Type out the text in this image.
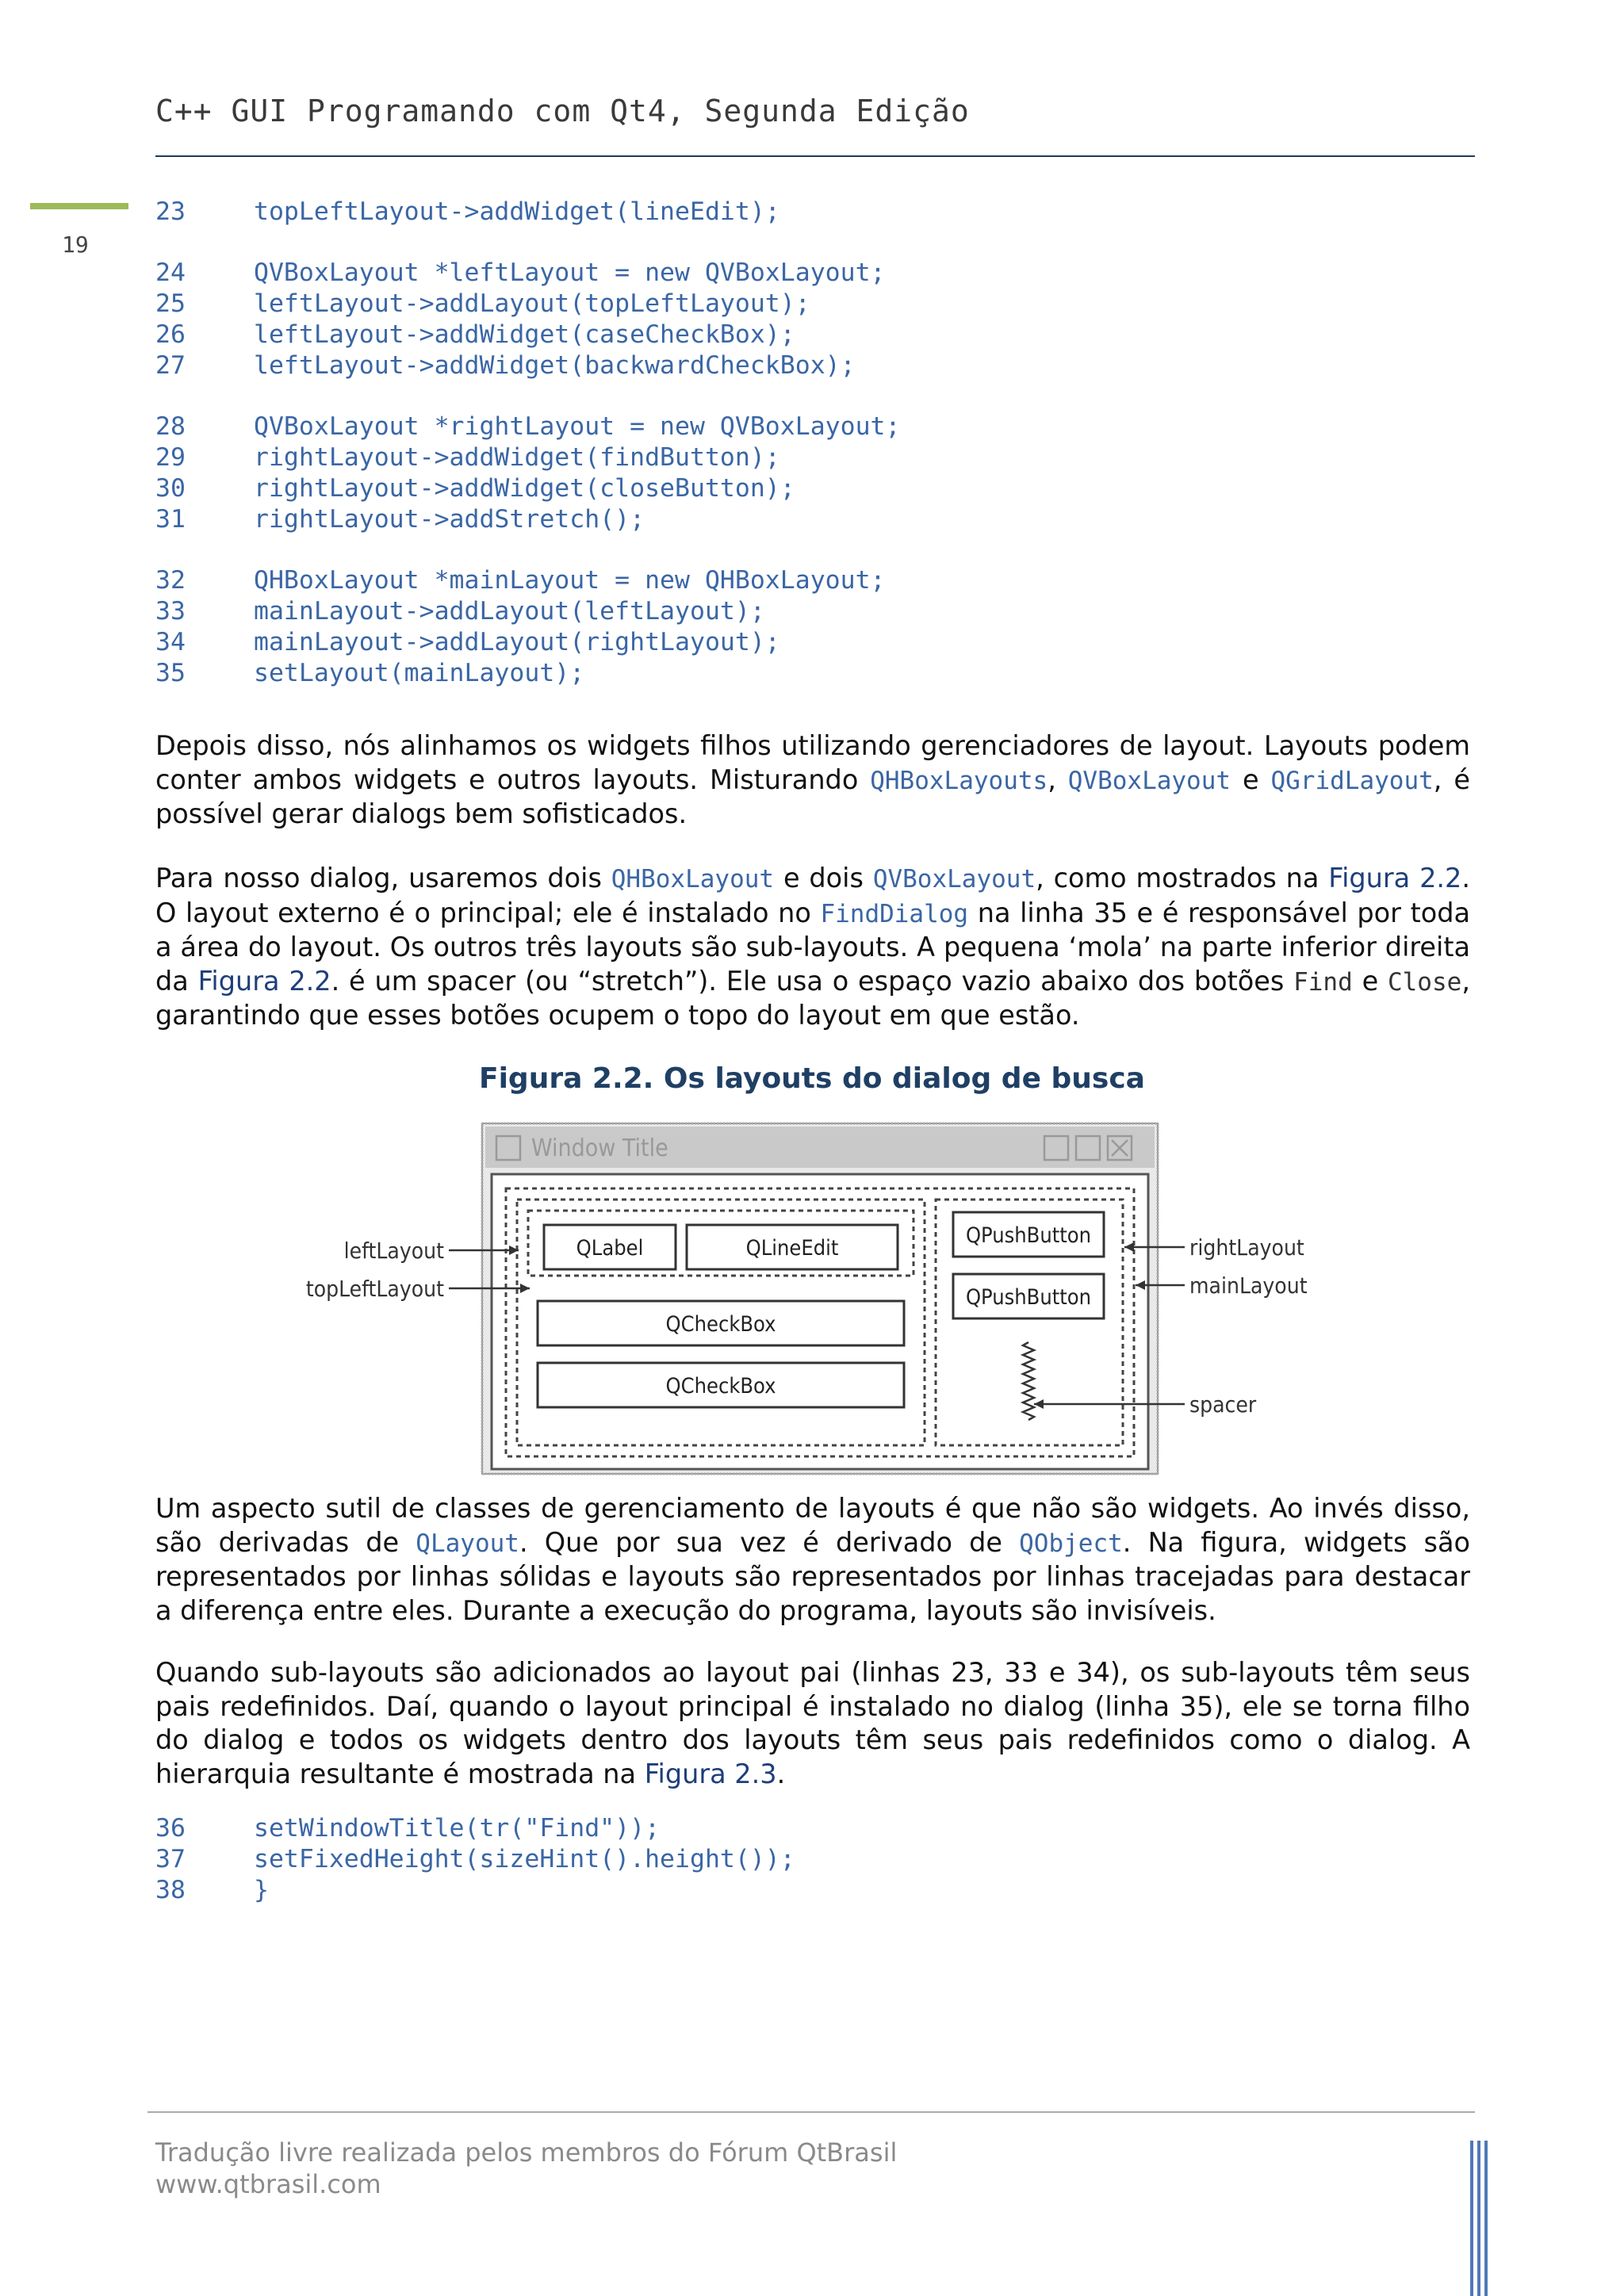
C++ GUI Programando com Qt4, Segunda Edição
19
23	topLeftLayout->addWidget(lineEdit);
24	QVBoxLayout *leftLayout = new QVBoxLayout;
25	leftLayout->addLayout(topLeftLayout);
26	leftLayout->addWidget(caseCheckBox);
27	leftLayout->addWidget(backwardCheckBox);
28	QVBoxLayout *rightLayout = new QVBoxLayout;
29	rightLayout->addWidget(findButton);
30	rightLayout->addWidget(closeButton);
31	rightLayout->addStretch();
32	QHBoxLayout *mainLayout = new QHBoxLayout;
33	mainLayout->addLayout(leftLayout);
34	mainLayout->addLayout(rightLayout);
35	setLayout(mainLayout);
Depois disso, nós alinhamos os widgets filhos utilizando gerenciadores de layout. Layouts podem conter ambos widgets e outros layouts. Misturando QHBoxLayouts, QVBoxLayout e QGridLayout, é possível gerar dialogs bem sofisticados.
Para nosso dialog, usaremos dois QHBoxLayout e dois QVBoxLayout, como mostrados na Figura 2.2. O layout externo é o principal; ele é instalado no FindDialog na linha 35 e é responsável por toda a área do layout. Os outros três layouts são sub-layouts. A pequena ‘mola’ na parte inferior direita da Figura 2.2. é um spacer (ou “stretch”). Ele usa o espaço vazio abaixo dos botões Find e Close, garantindo que esses botões ocupem o topo do layout em que estão.
Figura 2.2. Os layouts do dialog de busca
Window Title
QLabel	QLineEdit
QCheckBox
QCheckBox
QPushButton
QPushButton
leftLayout
topLeftLayout
rightLayout
mainLayout
spacer
Um aspecto sutil de classes de gerenciamento de layouts é que não são widgets. Ao invés disso, são derivadas de QLayout. Que por sua vez é derivado de QObject. Na figura, widgets são representados por linhas sólidas e layouts são representados por linhas tracejadas para destacar a diferença entre eles. Durante a execução do programa, layouts são invisíveis.
Quando sub-layouts são adicionados ao layout pai (linhas 23, 33 e 34), os sub-layouts têm seus pais redefinidos. Daí, quando o layout principal é instalado no dialog (linha 35), ele se torna filho do dialog e todos os widgets dentro dos layouts têm seus pais redefinidos como o dialog. A hierarquia resultante é mostrada na Figura 2.3.
36	setWindowTitle(tr("Find"));
37	setFixedHeight(sizeHint().height());
38	}
Tradução livre realizada pelos membros do Fórum QtBrasil
www.qtbrasil.com
